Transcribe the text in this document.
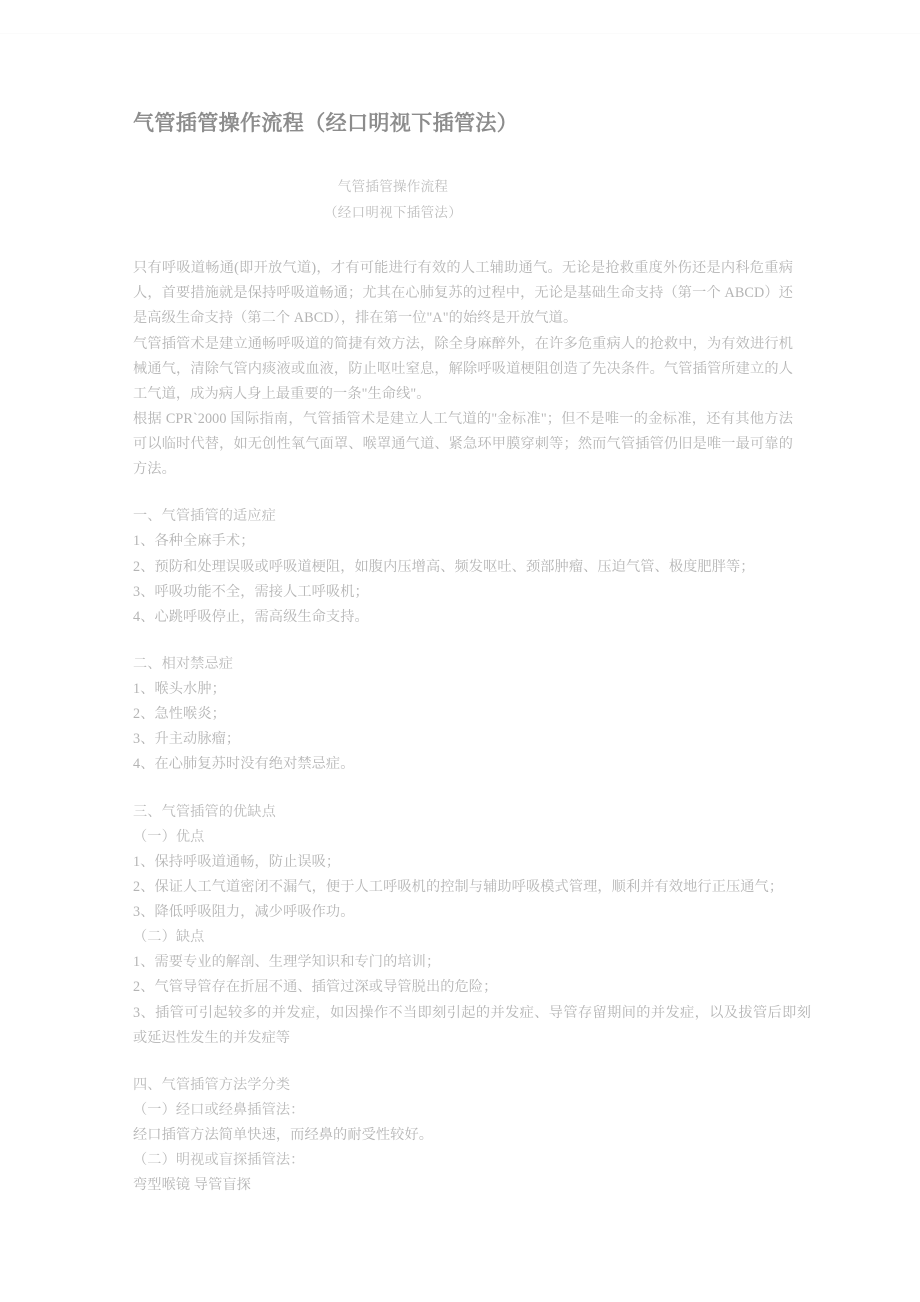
气管插管操作流程（经口明视下插管法）
气管插管操作流程
（经口明视下插管法）

只有呼吸道畅通(即开放气道)，才有可能进行有效的人工辅助通气。无论是抢救重度外伤还是内科危重病人，首要措施就是保持呼吸道畅通；尤其在心肺复苏的过程中，无论是基础生命支持（第一个 ABCD）还是高级生命支持（第二个 ABCD），排在第一位"A"的始终是开放气道。

气管插管术是建立通畅呼吸道的简捷有效方法，除全身麻醉外，在许多危重病人的抢救中，为有效进行机械通气，清除气管内痰液或血液，防止呕吐窒息，解除呼吸道梗阻创造了先决条件。气管插管所建立的人工气道，成为病人身上最重要的一条"生命线"。

根据 CPR`2000 国际指南，气管插管术是建立人工气道的"金标准"；但不是唯一的金标准，还有其他方法可以临时代替，如无创性氧气面罩、喉罩通气道、紧急环甲膜穿刺等；然而气管插管仍旧是唯一最可靠的方法。

一、气管插管的适应症

1、各种全麻手术；

2、预防和处理误吸或呼吸道梗阻，如腹内压增高、频发呕吐、颈部肿瘤、压迫气管、极度肥胖等；

3、呼吸功能不全，需接人工呼吸机；

4、心跳呼吸停止，需高级生命支持。

二、相对禁忌症

1、喉头水肿；

2、急性喉炎；

3、升主动脉瘤；

4、在心肺复苏时没有绝对禁忌症。

三、气管插管的优缺点

（一）优点

1、保持呼吸道通畅，防止误吸；

2、保证人工气道密闭不漏气，便于人工呼吸机的控制与辅助呼吸模式管理，顺利并有效地行正压通气；

3、降低呼吸阻力，减少呼吸作功。

（二）缺点

1、需要专业的解剖、生理学知识和专门的培训；

2、气管导管存在折屈不通、插管过深或导管脱出的危险；

3、插管可引起较多的并发症，如因操作不当即刻引起的并发症、导管存留期间的并发症，以及拔管后即刻或延迟性发生的并发症等

四、气管插管方法学分类

（一）经口或经鼻插管法：

经口插管方法简单快速，而经鼻的耐受性较好。

（二）明视或盲探插管法：

弯型喉镜 导管盲探
